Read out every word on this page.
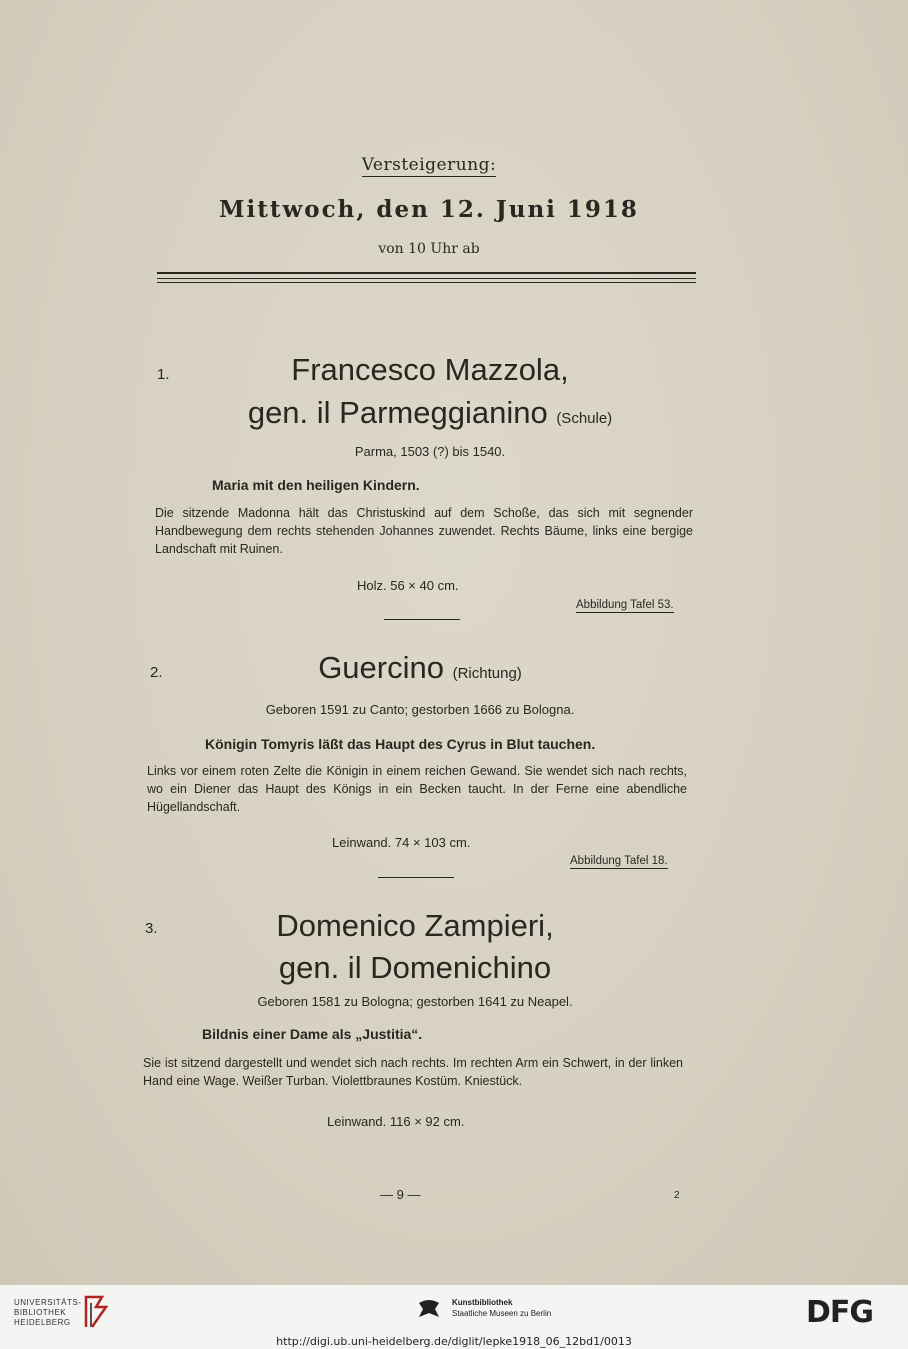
Versteigerung:
Mittwoch, den 12. Juni 1918
von 10 Uhr ab
1.	Francesco Mazzola,
gen. il Parmeggianino (Schule)
Parma, 1503 (?) bis 1540.
Maria mit den heiligen Kindern.
Die sitzende Madonna hält das Christuskind auf dem Schoße, das sich mit segnender Handbewegung dem rechts stehenden Johannes zuwendet. Rechts Bäume, links eine bergige Landschaft mit Ruinen.
Holz. 56 × 40 cm.
Abbildung Tafel 53.
2.	Guercino (Richtung)
Geboren 1591 zu Canto; gestorben 1666 zu Bologna.
Königin Tomyris läßt das Haupt des Cyrus in Blut tauchen.
Links vor einem roten Zelte die Königin in einem reichen Gewand. Sie wendet sich nach rechts, wo ein Diener das Haupt des Königs in ein Becken taucht. In der Ferne eine abendliche Hügellandschaft.
Leinwand. 74 × 103 cm.
Abbildung Tafel 18.
3.	Domenico Zampieri,
gen. il Domenichino
Geboren 1581 zu Bologna; gestorben 1641 zu Neapel.
Bildnis einer Dame als „Justitia“.
Sie ist sitzend dargestellt und wendet sich nach rechts. Im rechten Arm ein Schwert, in der linken Hand eine Wage. Weißer Turban. Violettbraunes Kostüm. Kniestück.
Leinwand. 116 × 92 cm.
— 9 —	2
UNIVERSITÄTS-
BIBLIOTHEK
HEIDELBERG
Kunstbibliothek
Staatliche Museen zu Berlin	DFG
http://digi.ub.uni-heidelberg.de/diglit/lepke1918_06_12bd1/0013
